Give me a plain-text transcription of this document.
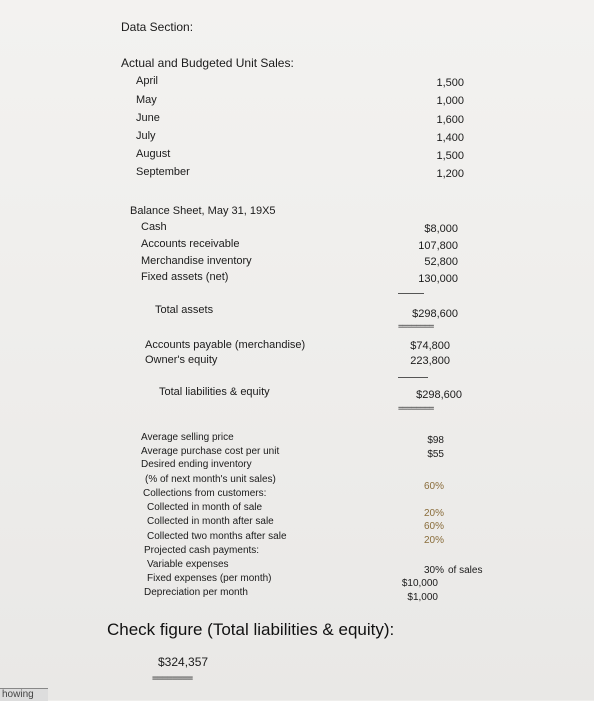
Data Section:
Actual and Budgeted Unit Sales:
April
May
June
July
August
September
1,500
1,000
1,600
1,400
1,500
1,200
Balance Sheet, May 31, 19X5
Cash
Accounts receivable
Merchandise inventory
Fixed assets (net)
$8,000
107,800
52,800
130,000
Total assets	$298,600
========
Accounts payable (merchandise)
Owner's equity
$74,800
223,800
Total liabilities & equity	$298,600
========
Average selling price
Average purchase cost per unit
Desired ending inventory
(% of next month's unit sales)
Collections from customers:
Collected in month of sale
Collected in month after sale
Collected two months after sale
Projected cash payments:
Variable expenses
Fixed expenses (per month)
Depreciation per month
$98
$55
60%
20%
60%
20%
30% of sales
$10,000
$1,000
Check figure (Total liabilities & equity):
$324,357
========
howing
